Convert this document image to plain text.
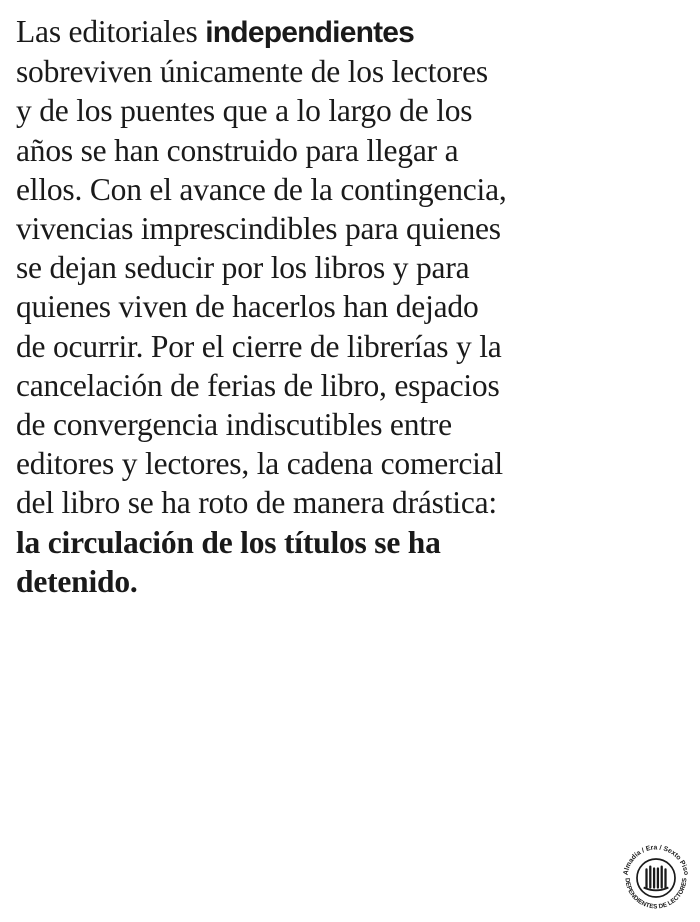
Las editoriales independientes
sobreviven únicamente de los lectores
y de los puentes que a lo largo de los
años se han construido para llegar a
ellos. Con el avance de la contingencia,
vivencias imprescindibles para quienes
se dejan seducir por los libros y para
quienes viven de hacerlos han dejado
de ocurrir. Por el cierre de librerías y la
cancelación de ferias de libro, espacios
de convergencia indiscutibles entre
editores y lectores, la cadena comercial
del libro se ha roto de manera drástica:
la circulación de los títulos se ha
detenido.
Almadía / Era / Sexto Piso
DEPENDIENTES DE LECTORES
